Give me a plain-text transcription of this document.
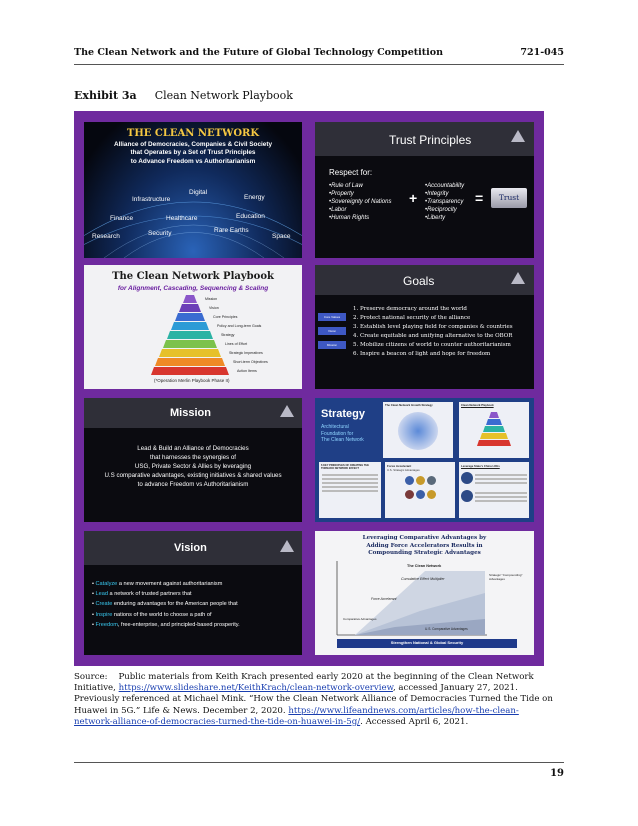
The Clean Network and the Future of Global Technology Competition	721-045
Exhibit 3a Clean Network Playbook
THE CLEAN NETWORK
Alliance of Democracies, Companies & Civil Society
that Operates by a Set of Trust Principles
to Advance Freedom vs Authoritarianism
Infrastructure
Digital
Energy
Finance	Healthcare	Education
Research	Security	Rare Earths
Space
Trust Principles
Respect for:
•Rule of Law
•Property
•Sovereignty of Nations
•Labor
•Human Rights
+
•Accountability
•Integrity
•Transparency
•Reciprocity
•Liberty
=	Trust
The Clean Network Playbook
for Alignment, Cascading, Sequencing & Scaling
Mission
Vision
Core Principles
Policy and Long-term Goals
Strategy
Lines of Effort
Strategic Imperatives
Short-term Objectives
Action Items
(*Operation Merlin Playbook Phase II)
Goals
Core Values
Vision
Mission
1. Preserve democracy around the world
2. Protect national security of the alliance
3. Establish level playing field for companies & countries
4. Create equitable and unifying alternative to the OBOR
5. Mobilize citizens of world to counter authoritarianism
6. Inspire a beacon of light and hope for freedom
Mission
Lead & Build an Alliance of Democracies
that harnesses the synergies of
USG, Private Sector & Allies by leveraging
U.S comparative advantages, existing initiatives & shared values
to advance Freedom vs Authoritarianism
Strategy
Architectural
Foundation for
The Clean Network
The Clean Network Growth Strategy	Clean Network Playbook
6 KEY PRINCIPLES OF CREATING THE TORNADO NETWORK EFFECT
Force Accelerant
U.S. Strategic Advantages
Leverage State's China LOEs
Vision
• Catalyze a new movement against authoritarianism
• Lead a network of trusted partners that
• Create enduring advantages for the American people that
• Inspire nations of the world to choose a path of
• Freedom, free-enterprise, and principled-based prosperity.
Leveraging Comparative Advantages by
Adding Force Accelerators Results in
Compounding Strategic Advantages
The Clean Network
Cumulative Effect Multiplier
Force Accelerant
Comparative Advantages
U.S. Comparative Advantages
Strategic "Compounding" Advantages
Strengthen National & Global Security
Source: Public materials from Keith Krach presented early 2020 at the beginning of the Clean Network Initiative, https://www.slideshare.net/KeithKrach/clean-network-overview, accessed January 27, 2021. Previously referenced at Michael Mink. “How the Clean Network Alliance of Democracies Turned the Tide on Huawei in 5G.” Life & News. December 2, 2020. https://www.lifeandnews.com/articles/how-the-clean-network-alliance-of-democracies-turned-the-tide-on-huawei-in-5g/. Accessed April 6, 2021.
19
